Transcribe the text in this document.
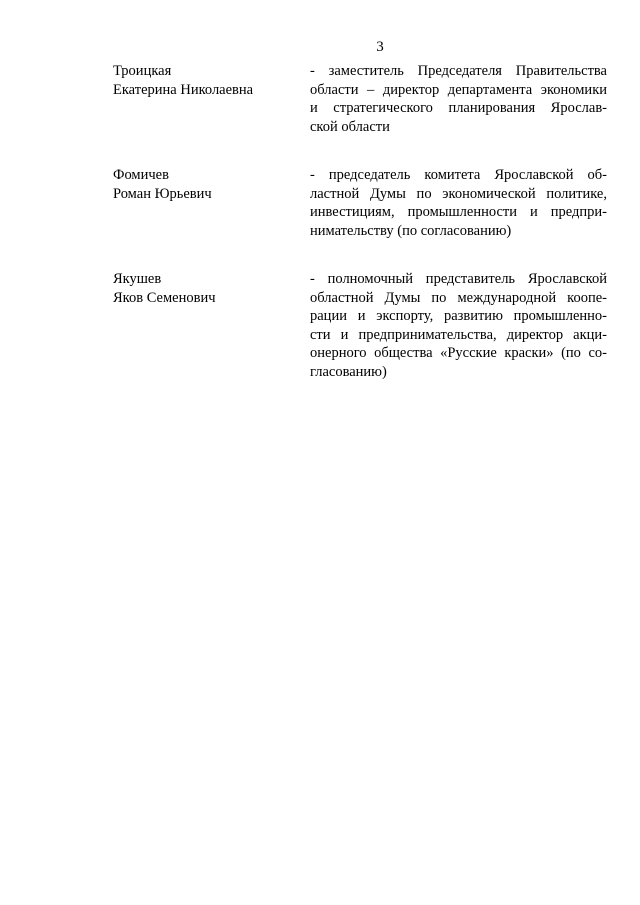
3
Троицкая
Екатерина Николаевна
- заместитель Председателя Правительства
области – директор департамента экономики
и стратегического планирования Ярослав-
ской области
Фомичев
Роман Юрьевич
- председатель комитета Ярославской об-
ластной Думы по экономической политике,
инвестициям, промышленности и предпри-
нимательству (по согласованию)
Якушев
Яков Семенович
- полномочный представитель Ярославской
областной Думы по международной коопе-
рации и экспорту, развитию промышленно-
сти и предпринимательства, директор акци-
онерного общества «Русские краски» (по со-
гласованию)
